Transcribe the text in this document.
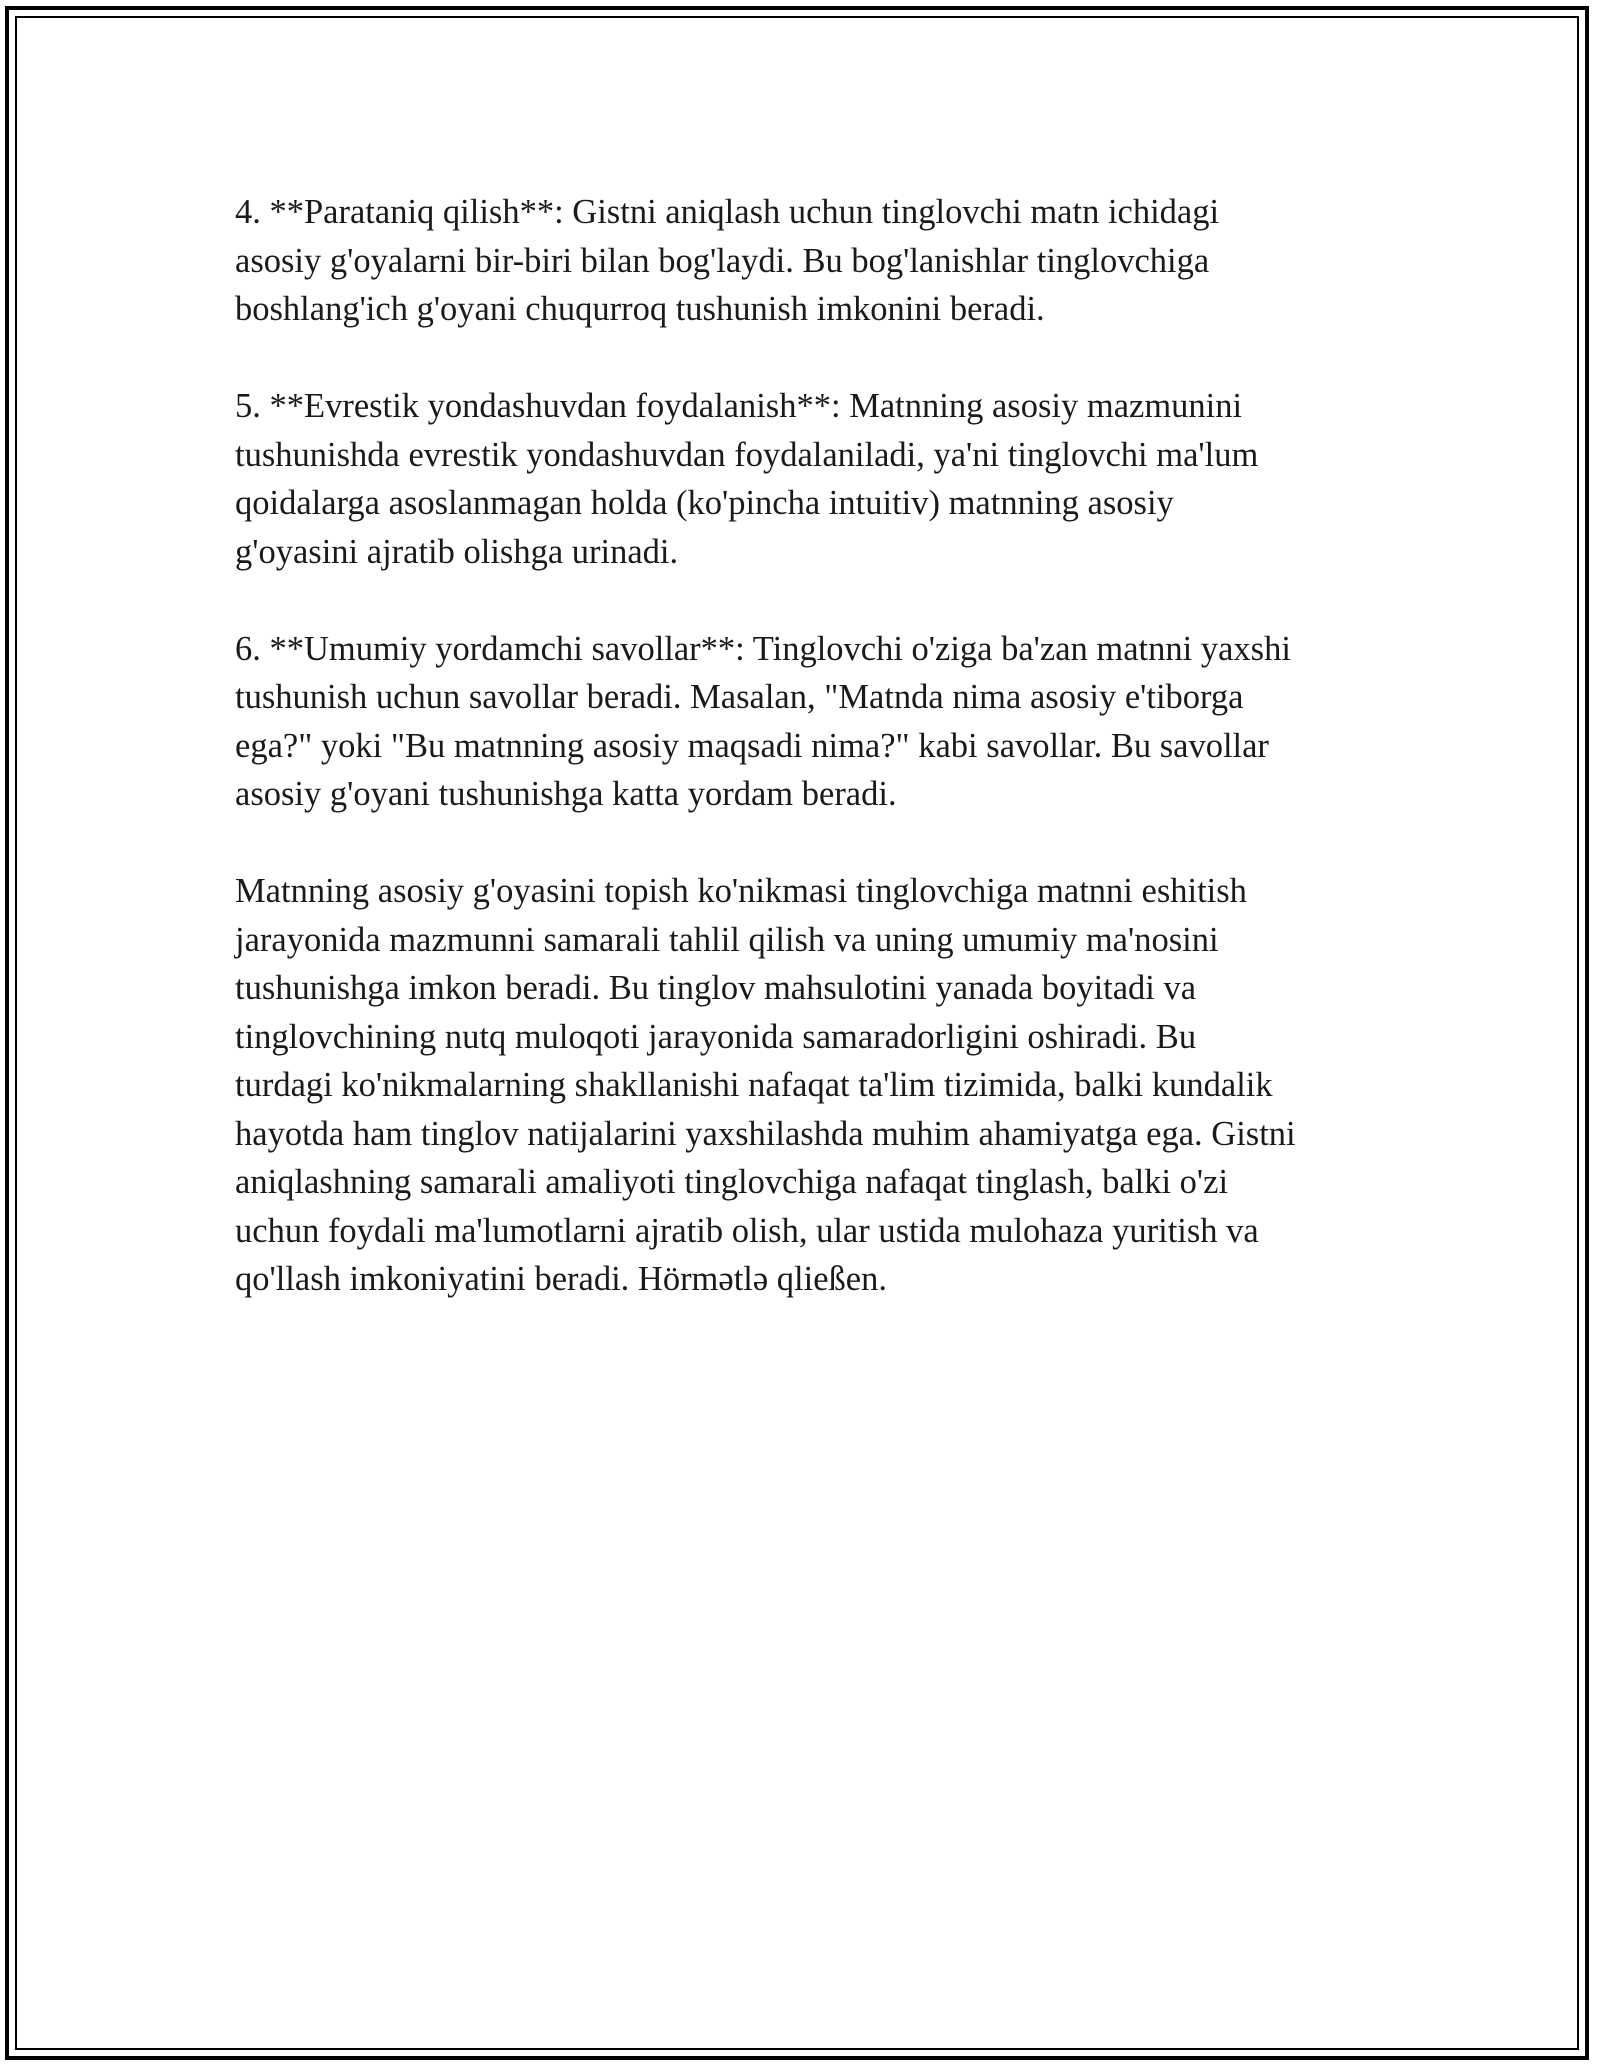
4. **Parataniq qilish**: Gistni aniqlash uchun tinglovchi matn ichidagi
asosiy g'oyalarni bir-biri bilan bog'laydi. Bu bog'lanishlar tinglovchiga
boshlang'ich g'oyani chuqurroq tushunish imkonini beradi.

5. **Evrestik yondashuvdan foydalanish**: Matnning asosiy mazmunini
tushunishda evrestik yondashuvdan foydalaniladi, ya'ni tinglovchi ma'lum
qoidalarga asoslanmagan holda (ko'pincha intuitiv) matnning asosiy
g'oyasini ajratib olishga urinadi.

6. **Umumiy yordamchi savollar**: Tinglovchi o'ziga ba'zan matnni yaxshi
tushunish uchun savollar beradi. Masalan, "Matnda nima asosiy e'tiborga
ega?" yoki "Bu matnning asosiy maqsadi nima?" kabi savollar. Bu savollar
asosiy g'oyani tushunishga katta yordam beradi.

Matnning asosiy g'oyasini topish ko'nikmasi tinglovchiga matnni eshitish
jarayonida mazmunni samarali tahlil qilish va uning umumiy ma'nosini
tushunishga imkon beradi. Bu tinglov mahsulotini yanada boyitadi va
tinglovchining nutq muloqoti jarayonida samaradorligini oshiradi. Bu
turdagi ko'nikmalarning shakllanishi nafaqat ta'lim tizimida, balki kundalik
hayotda ham tinglov natijalarini yaxshilashda muhim ahamiyatga ega. Gistni
aniqlashning samarali amaliyoti tinglovchiga nafaqat tinglash, balki o'zi
uchun foydali ma'lumotlarni ajratib olish, ular ustida mulohaza yuritish va
qo'llash imkoniyatini beradi. Hörmətlə qließen.
